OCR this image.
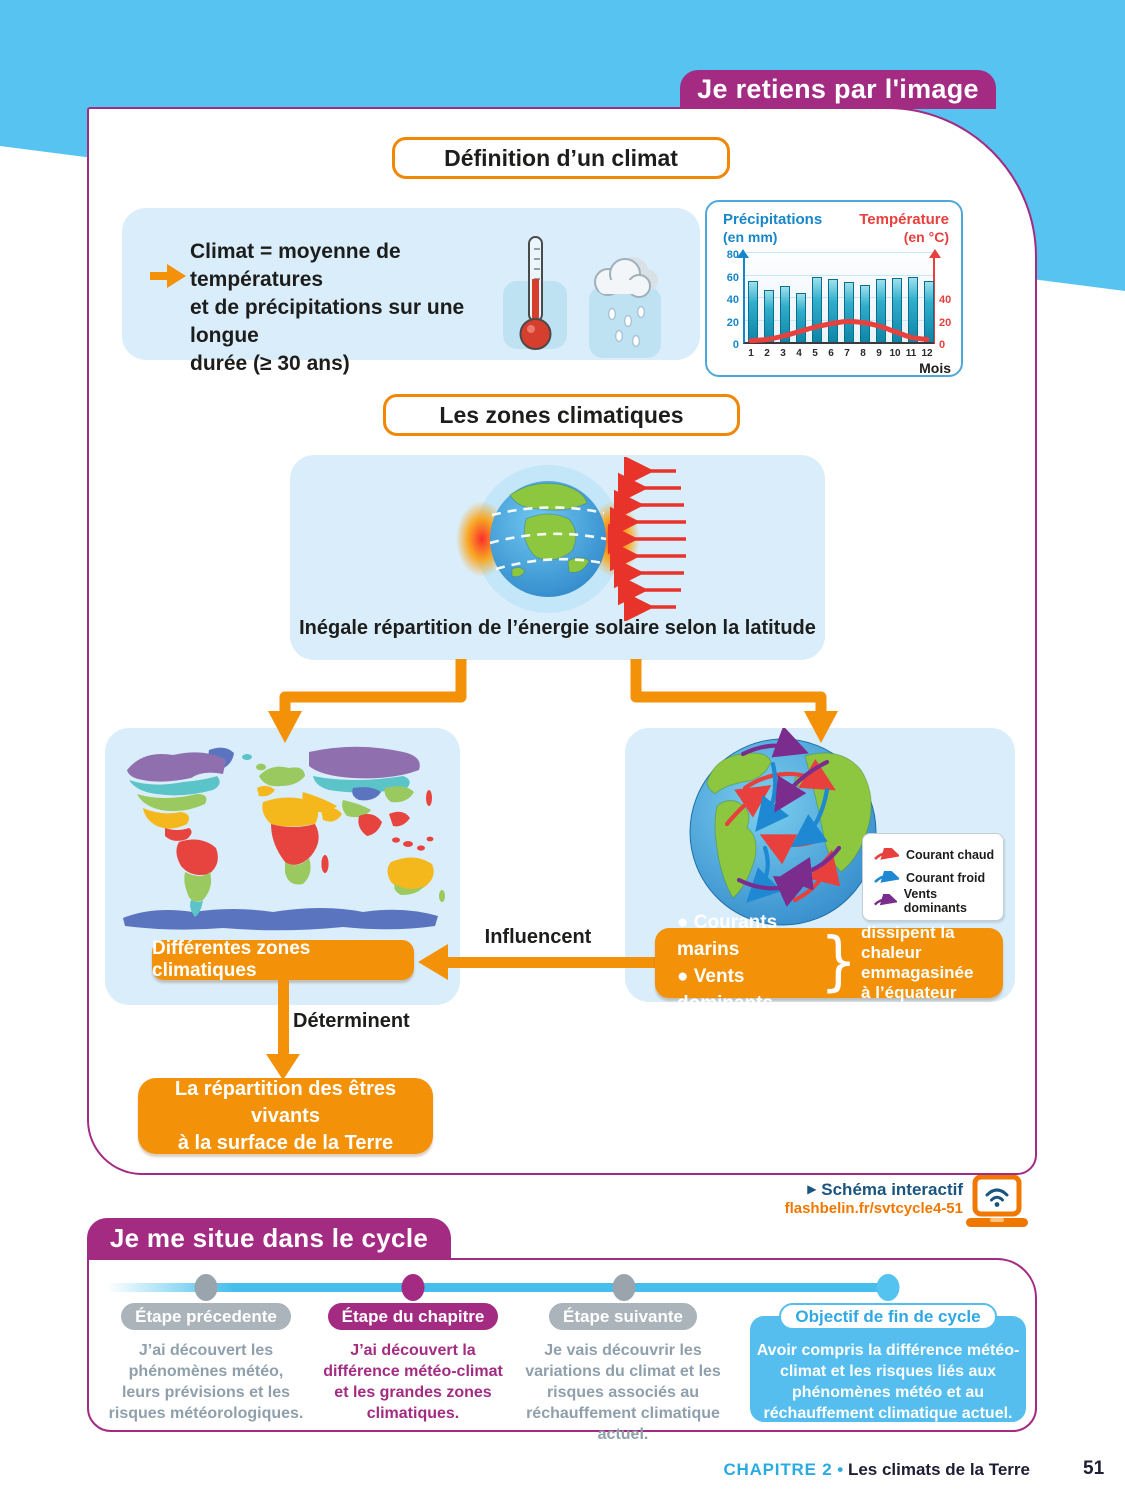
Je retiens par l'image
Définition d’un climat
Climat = moyenne de températures
et de précipitations sur une longue
durée (≥ 30 ans)
Précipitations
(en mm)
Température
(en °C)
0
20
40
60
80
0
20
40
1	2	3	4	5	6	7	8	9 10 11 12
Mois
Les zones climatiques
Inégale répartition de l’énergie solaire selon la latitude
Différentes zones climatiques
Courant chaud
Courant froid
Vents dominants
Influencent
● Courants marins
● Vents dominants
} dissipent la chaleur
emmagasinée
à l’équateur
Déterminent
La répartition des êtres vivants
à la surface de la Terre
▶ Schéma interactif
flashbelin.fr/svtcycle4-51
Je me situe dans le cycle
Étape précedente

J’ai découvert les phénomènes météo, leurs prévisions et les risques météorologiques.

Étape du chapitre

J’ai découvert la différence météo-climat et les grandes zones climatiques.

Étape suivante

Je vais découvrir les variations du climat et les risques associés au réchauffement climatique actuel.

Objectif de fin de cycle

Avoir compris la différence météo-climat et les risques liés aux phénomènes météo et au réchauffement climatique actuel.

CHAPITRE 2 • Les climats de la Terre	51
